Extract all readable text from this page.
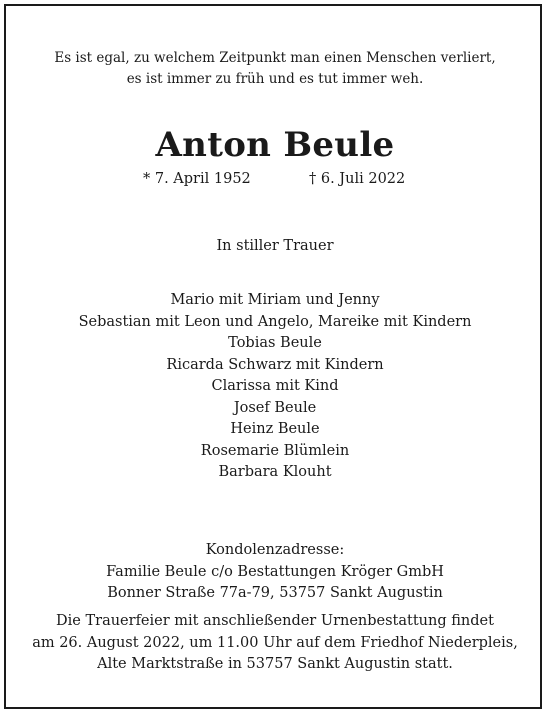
Es ist egal, zu welchem Zeitpunkt man einen Menschen verliert,
es ist immer zu früh und es tut immer weh.
Anton Beule
* 7. April 1952	† 6. Juli 2022
In stiller Trauer
Mario mit Miriam und Jenny
Sebastian mit Leon und Angelo, Mareike mit Kindern
Tobias Beule
Ricarda Schwarz mit Kindern
Clarissa mit Kind
Josef Beule
Heinz Beule
Rosemarie Blümlein
Barbara Klouht
Kondolenzadresse:
Familie Beule c/o Bestattungen Kröger GmbH
Bonner Straße 77a-79, 53757 Sankt Augustin
Die Trauerfeier mit anschließender Urnenbestattung findet
am 26. August 2022, um 11.00 Uhr auf dem Friedhof Niederpleis,
Alte Marktstraße in 53757 Sankt Augustin statt.
